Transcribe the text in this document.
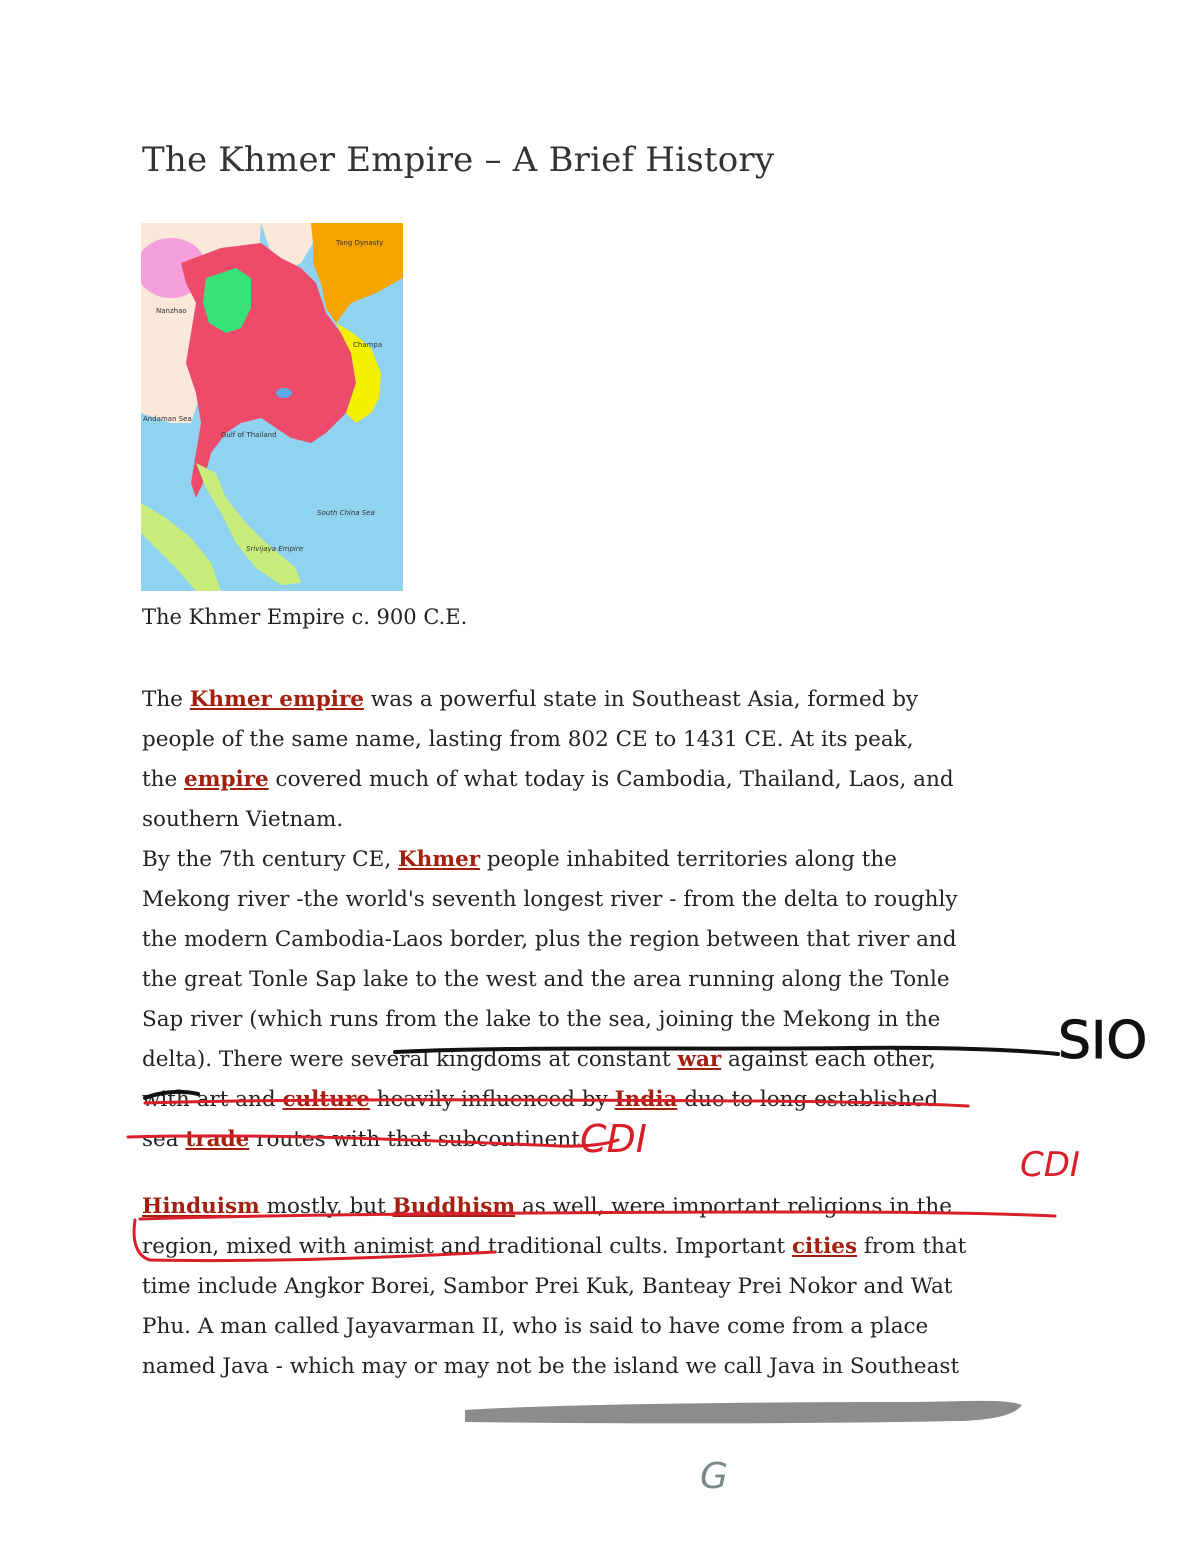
The Khmer Empire – A Brief History
Tang Dynasty
Gulf of Thailand
South China Sea
Srivijaya Empire
Champa
Andaman Sea
Nanzhao
The Khmer Empire c. 900 C.E.
The Khmer empire was a powerful state in Southeast Asia, formed by
people of the same name, lasting from 802 CE to 1431 CE. At its peak,
the empire covered much of what today is Cambodia, Thailand, Laos, and
southern Vietnam.
By the 7th century CE, Khmer people inhabited territories along the
Mekong river -the world's seventh longest river - from the delta to roughly
the modern Cambodia-Laos border, plus the region between that river and
the great Tonle Sap lake to the west and the area running along the Tonle
Sap river (which runs from the lake to the sea, joining the Mekong in the
delta). There were several kingdoms at constant war against each other,
with art and culture heavily influenced by India due to long established
sea trade routes with that subcontinent.
Hinduism mostly, but Buddhism as well, were important religions in the
region, mixed with animist and traditional cults. Important cities from that
time include Angkor Borei, Sambor Prei Kuk, Banteay Prei Nokor and Wat
Phu. A man called Jayavarman II, who is said to have come from a place
named Java - which may or may not be the island we call Java in Southeast
SIO
CDI
CDI
G
